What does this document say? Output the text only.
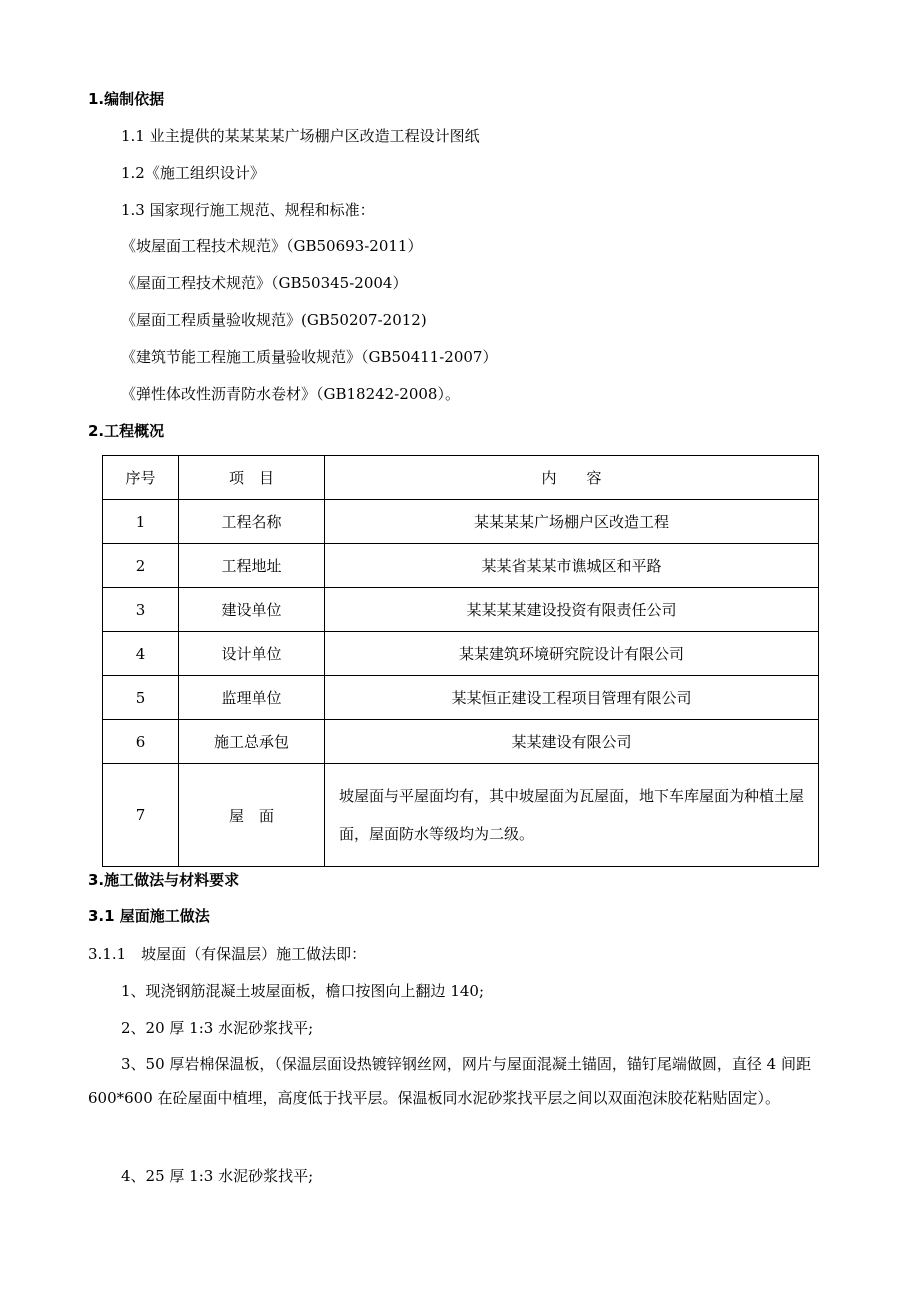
1.编制依据
1.1 业主提供的某某某某广场棚户区改造工程设计图纸
1.2《施工组织设计》
1.3 国家现行施工规范、规程和标准：
《坡屋面工程技术规范》（GB50693-2011）
《屋面工程技术规范》（GB50345-2004）
《屋面工程质量验收规范》(GB50207-2012)
《建筑节能工程施工质量验收规范》（GB50411-2007）
《弹性体改性沥青防水卷材》（GB18242-2008）。
2.工程概况
序号	项　目	内　　容
1	工程名称	某某某某广场棚户区改造工程
2	工程地址	某某省某某市谯城区和平路
3	建设单位	某某某某建设投资有限责任公司
4	设计单位	某某建筑环境研究院设计有限公司
5	监理单位	某某恒正建设工程项目管理有限公司
6	施工总承包	某某建设有限公司
7	屋　面	坡屋面与平屋面均有，其中坡屋面为瓦屋面，地下车库屋面为种植土屋面，屋面防水等级均为二级。
3.施工做法与材料要求
3.1 屋面施工做法
3.1.1　坡屋面（有保温层）施工做法即：
1、现浇钢筋混凝土坡屋面板，檐口按图向上翻边 140;
2、20 厚 1:3 水泥砂浆找平;
3、50 厚岩棉保温板，（保温层面设热镀锌钢丝网，网片与屋面混凝土锚固，锚钉尾端做圆，直径 4 间距 600*600 在砼屋面中植埋，高度低于找平层。保温板同水泥砂浆找平层之间以双面泡沫胶花粘贴固定）。
4、25 厚 1:3 水泥砂浆找平;
